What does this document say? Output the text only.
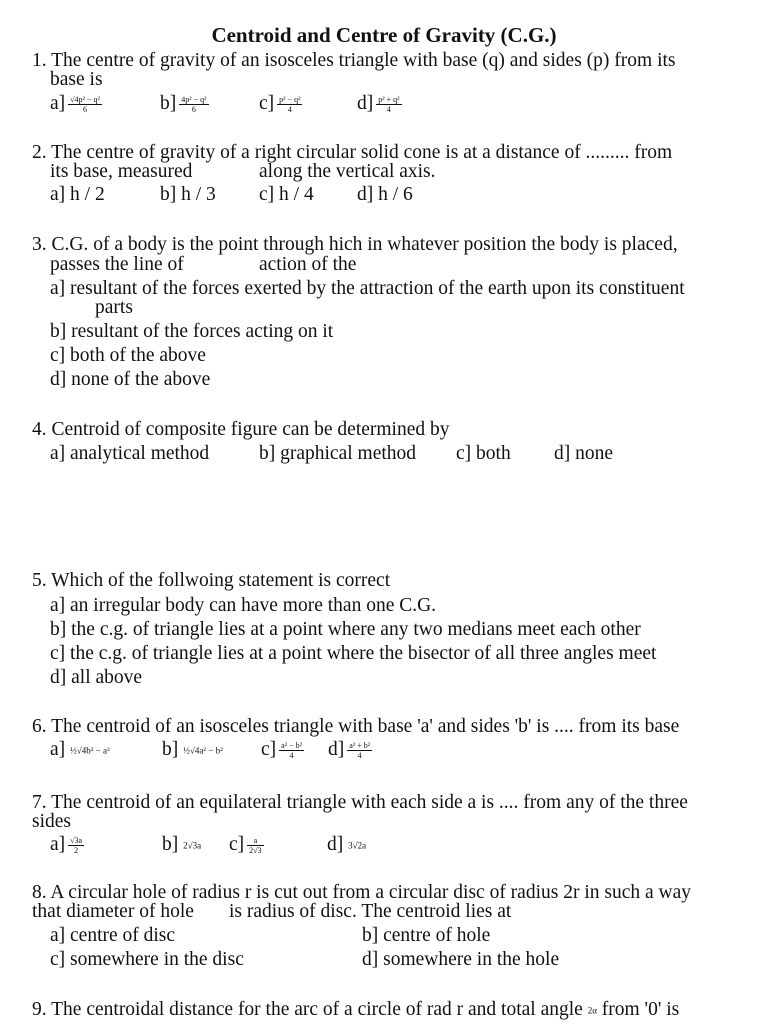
Centroid and Centre of Gravity (C.G.)
1. The centre of gravity of an isosceles triangle with base (q) and sides (p) from its
base is
$a] \frac{\text{√4p² − q²}}{6}$	$b] \frac{\text{4p² − q²}}{6}$	$c] \frac{\text{p² − q²}}{4}$	$d] \frac{\text{p² + q²}}{4}$
2. The centre of gravity of a right circular solid cone is at a distance of ......... from
its base, measured	along the vertical axis.
a] h / 2	b] h / 3 c] h / 4 d] h / 6
3. C.G. of a body is the point through hich in whatever position the body is placed,
passes the line of	action of the
a] resultant of the forces exerted by the attraction of the earth upon its constituent
parts
b] resultant of the forces acting on it
c] both of the above
d] none of the above
4. Centroid of composite figure can be determined by
a] analytical method	b] graphical method c] both d] none
5. Which of the follwoing statement is correct
a] an irregular body can have more than one C.G.
b] the c.g. of triangle lies at a point where any two medians meet each other
c] the c.g. of triangle lies at a point where the bisector of all three angles meet
d] all above
6. The centroid of an isosceles triangle with base 'a' and sides 'b' is .... from its base
a] ½√4b² − a²	b] ½√4a² − b² $c] \frac{\text{a² − b²}}{4} d] \frac{\text{a² + b²}}{4}$
7. The centroid of an equilateral triangle with each side a is .... from any of the three
sides
$a] \frac{√3a}{2}$	b] 2√3a $c] \frac{a}{2√3}$	d] 3√2a
8. A circular hole of radius r is cut out from a circular disc of radius 2r in such a way
that diameter of hole is radius of disc. The centroid lies at
a] centre of disc	b] centre of hole
c] somewhere in the disc	d] somewhere in the hole
9. The centroidal distance for the arc of a circle of rad r and total angle 2α from '0' is
